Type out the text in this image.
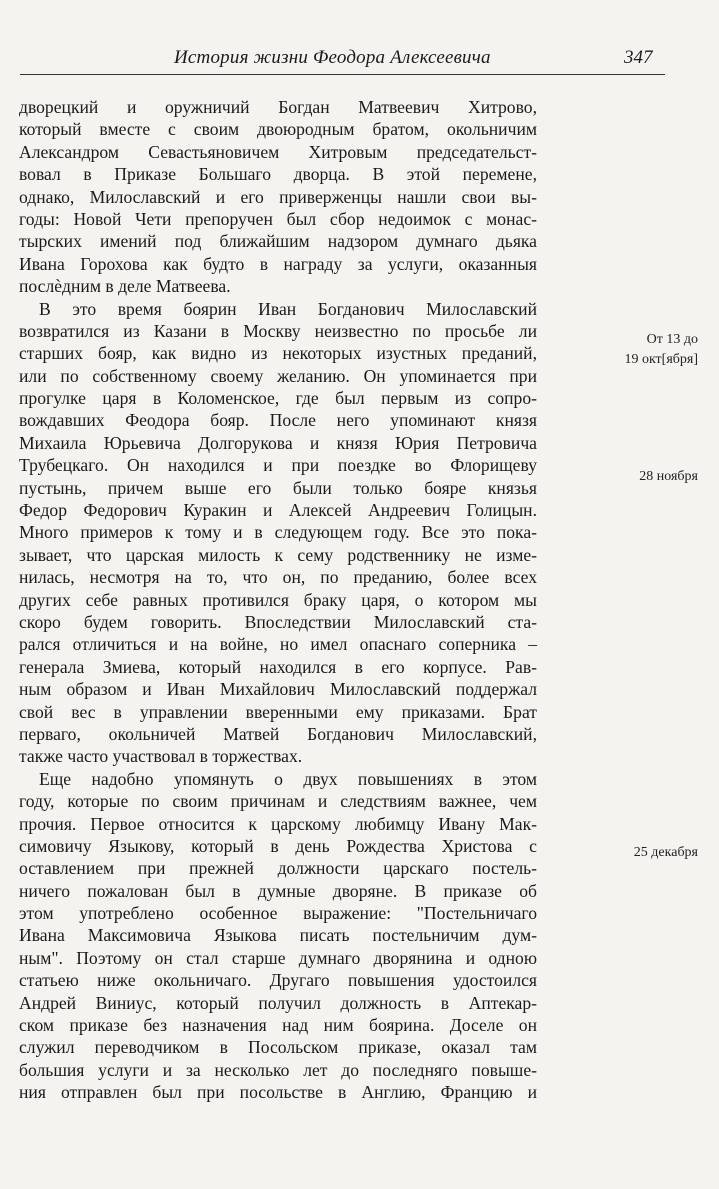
История жизни Феодора Алексеевича	347
дворецкий и оружничий Богдан Матвеевич Хитрово,
который вместе с своим двоюродным братом, окольничим
Александром Севастьяновичем Хитровым председательст-
вовал в Приказе Большаго дворца. В этой перемене,
однако, Милославский и его приверженцы нашли свои вы-
годы: Новой Чети препоручен был сбор недоимок с монас-
тырских имений под ближайшим надзором думнаго дьяка
Ивана Горохова как будто в награду за услуги, оказанныя
послѐдним в деле Матвеева.
В это время боярин Иван Богданович Милославский
возвратился из Казани в Москву неизвестно по просьбе ли
старших бояр, как видно из некоторых изустных преданий,
или по собственному своему желанию. Он упоминается при
прогулке царя в Коломенское, где был первым из сопро-
вождавших Феодора бояр. После него упоминают князя
Михаила Юрьевича Долгорукова и князя Юрия Петровича
Трубецкаго. Он находился и при поездке во Флорищеву
пустынь, причем выше его были только бояре князья
Федор Федорович Куракин и Алексей Андреевич Голицын.
Много примеров к тому и в следующем году. Все это пока-
зывает, что царская милость к сему родственнику не изме-
нилась, несмотря на то, что он, по преданию, более всех
других себе равных противился браку царя, о котором мы
скоро будем говорить. Впоследствии Милославский ста-
рался отличиться и на войне, но имел опаснаго соперника –
генерала Змиева, который находился в его корпусе. Рав-
ным образом и Иван Михайлович Милославский поддержал
свой вес в управлении вверенными ему приказами. Брат
перваго, окольничей Матвей Богданович Милославский,
также часто участвовал в торжествах.
Еще надобно упомянуть о двух повышениях в этом
году, которые по своим причинам и следствиям важнее, чем
прочия. Первое относится к царскому любимцу Ивану Мак-
симовичу Языкову, который в день Рождества Христова с
оставлением при прежней должности царскаго постель-
ничего пожалован был в думные дворяне. В приказе об
этом употреблено особенное выражение: "Постельничаго
Ивана Максимовича Языкова писать постельничим дум-
ным". Поэтому он стал старше думнаго дворянина и одною
статьею ниже окольничаго. Другаго повышения удостоился
Андрей Виниус, который получил должность в Аптекар-
ском приказе без назначения над ним боярина. Доселе он
служил переводчиком в Посольском приказе, оказал там
большия услуги и за несколько лет до последняго повыше-
ния отправлен был при посольстве в Англию, Францию и
От 13 до
19 окт[ября]
28 ноября
25 декабря
